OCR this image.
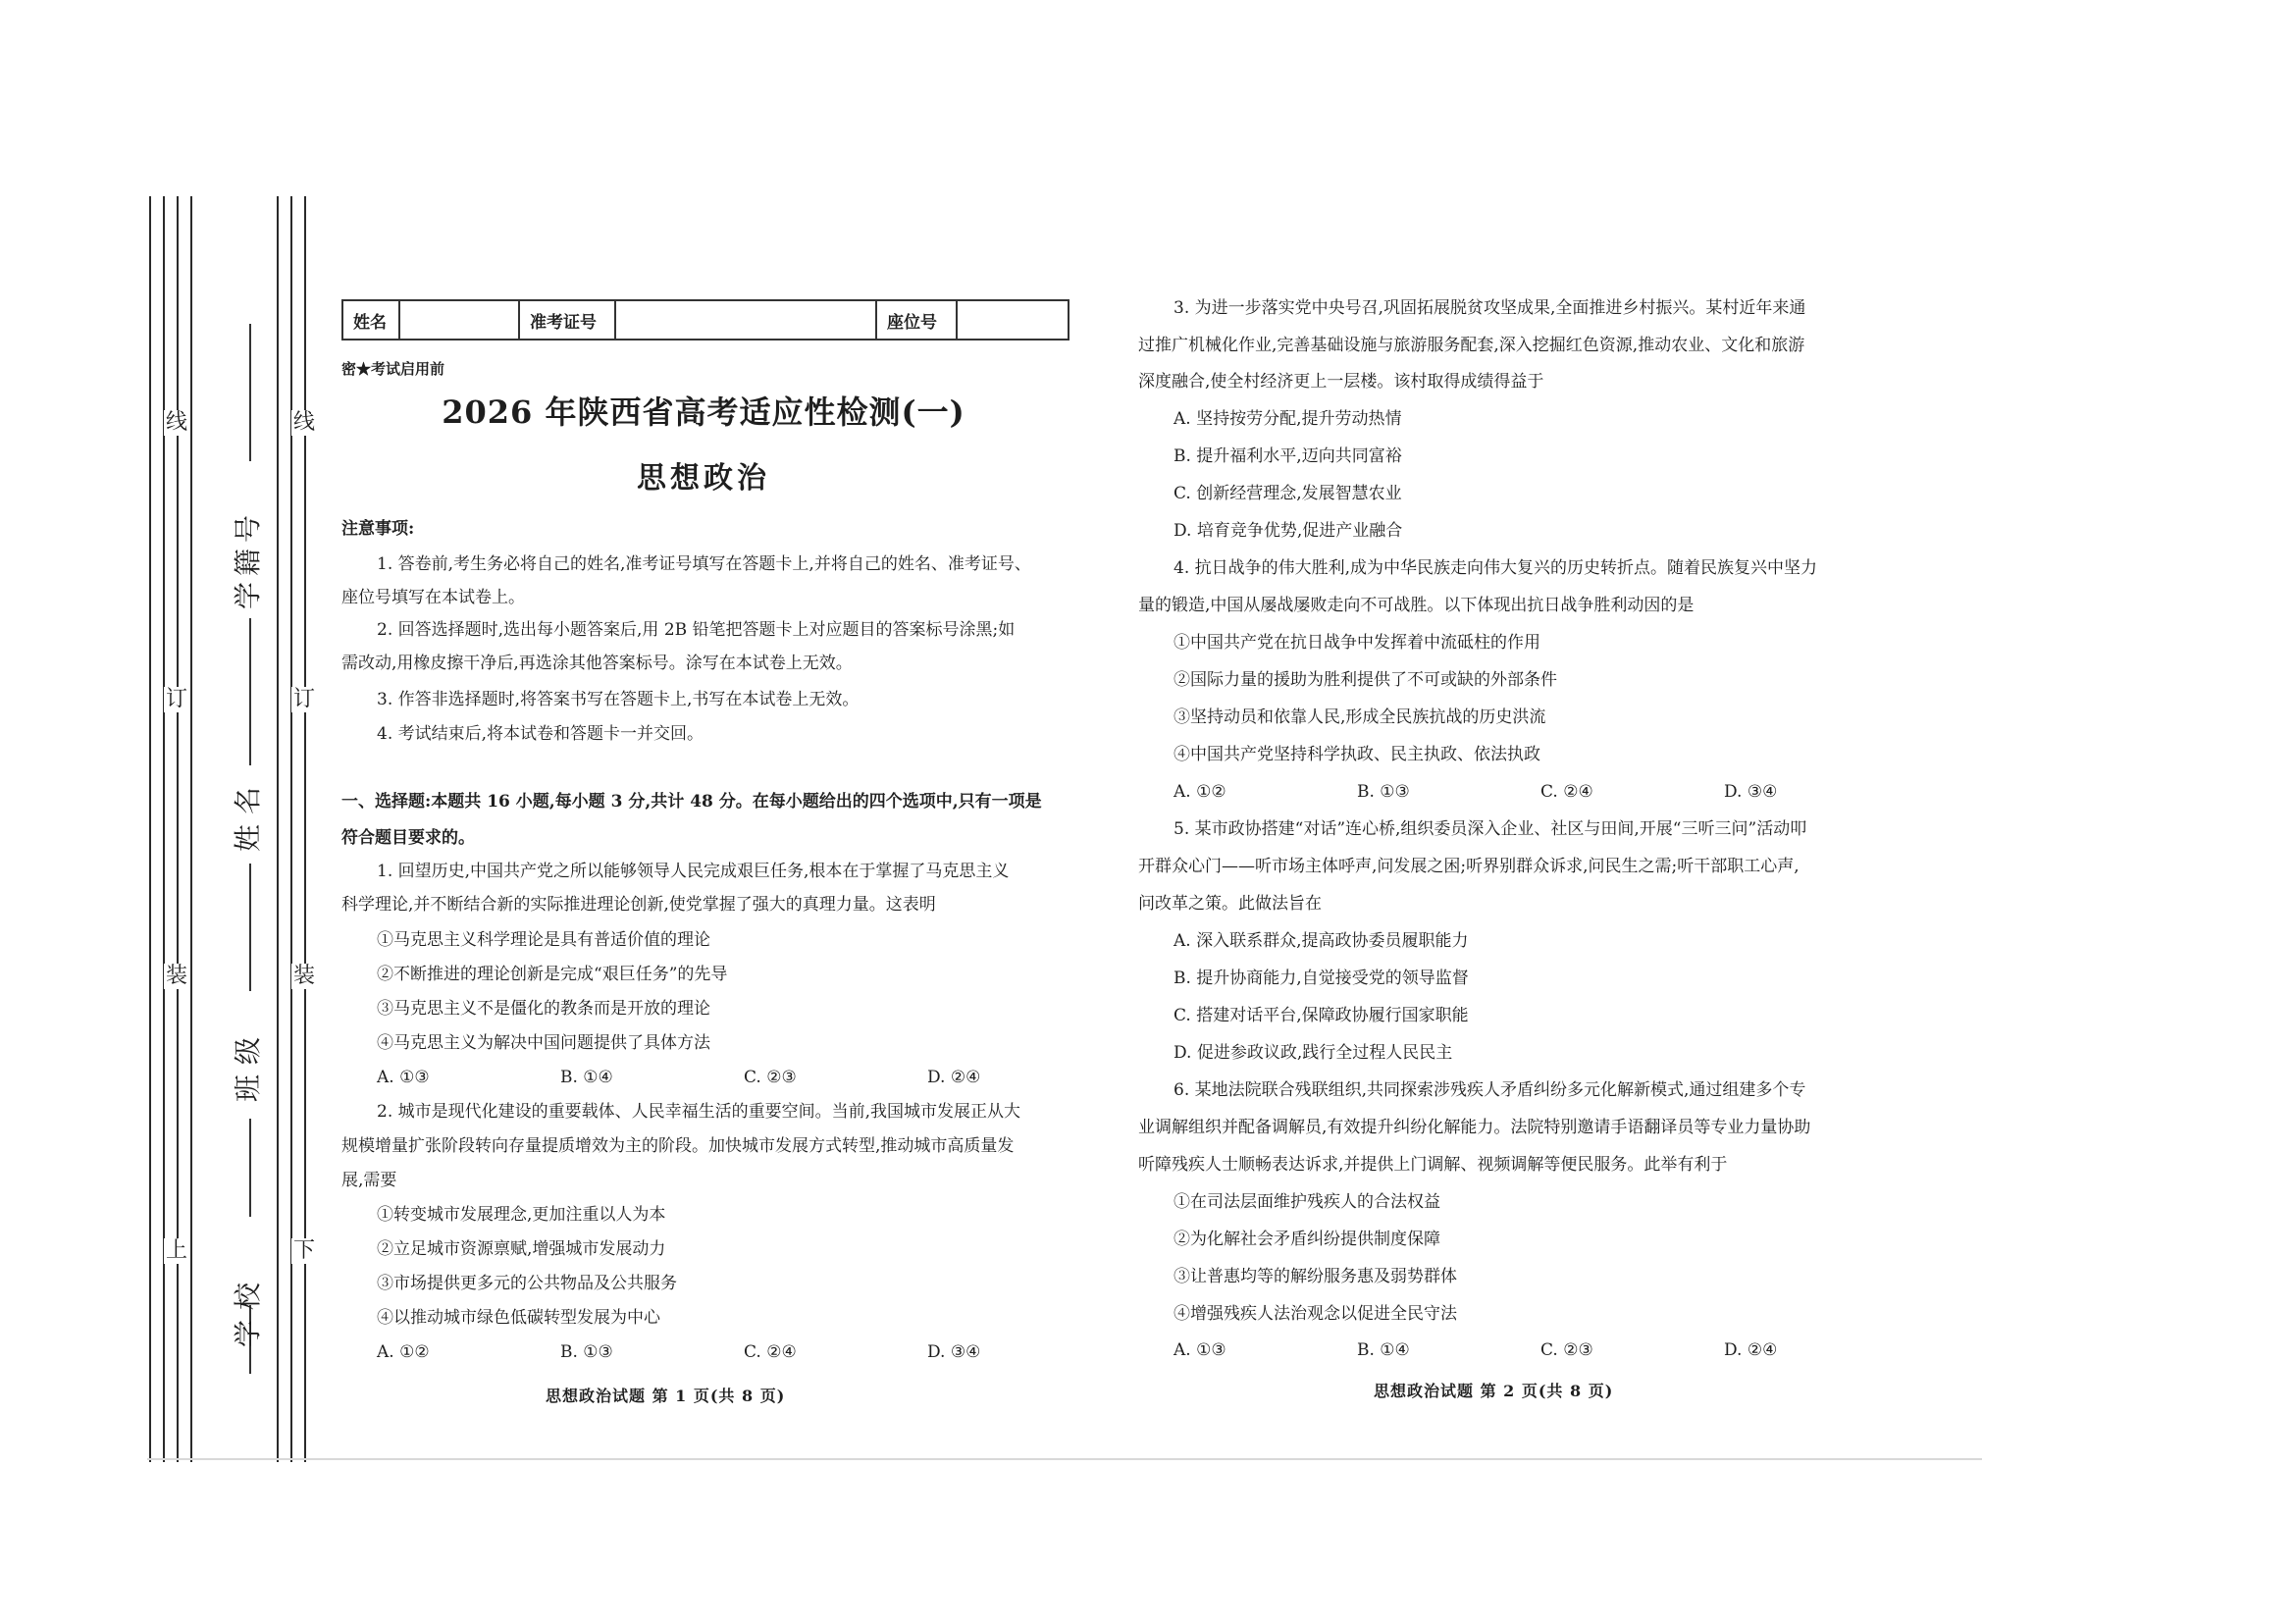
上
装
订
线
下
装
订
线
学籍号
姓名
班级
学校
姓名	准考证号	座位号
密★考试启用前
2026 年陕西省高考适应性检测(一)
思想政治
注意事项:
1. 答卷前,考生务必将自己的姓名,准考证号填写在答题卡上,并将自己的姓名、准考证号、
座位号填写在本试卷上。
2. 回答选择题时,选出每小题答案后,用 2B 铅笔把答题卡上对应题目的答案标号涂黑;如
需改动,用橡皮擦干净后,再选涂其他答案标号。涂写在本试卷上无效。
3. 作答非选择题时,将答案书写在答题卡上,书写在本试卷上无效。
4. 考试结束后,将本试卷和答题卡一并交回。
一、选择题:本题共 16 小题,每小题 3 分,共计 48 分。在每小题给出的四个选项中,只有一项是
符合题目要求的。
1. 回望历史,中国共产党之所以能够领导人民完成艰巨任务,根本在于掌握了马克思主义
科学理论,并不断结合新的实际推进理论创新,使党掌握了强大的真理力量。这表明
①马克思主义科学理论是具有普适价值的理论
②不断推进的理论创新是完成“艰巨任务”的先导
③马克思主义不是僵化的教条而是开放的理论
④马克思主义为解决中国问题提供了具体方法
A. ①③	B. ①④	C. ②③	D. ②④
2. 城市是现代化建设的重要载体、人民幸福生活的重要空间。当前,我国城市发展正从大
规模增量扩张阶段转向存量提质增效为主的阶段。加快城市发展方式转型,推动城市高质量发
展,需要
①转变城市发展理念,更加注重以人为本
②立足城市资源禀赋,增强城市发展动力
③市场提供更多元的公共物品及公共服务
④以推动城市绿色低碳转型发展为中心
A. ①②	B. ①③	C. ②④	D. ③④
思想政治试题 第 1 页(共 8 页)
3. 为进一步落实党中央号召,巩固拓展脱贫攻坚成果,全面推进乡村振兴。某村近年来通
过推广机械化作业,完善基础设施与旅游服务配套,深入挖掘红色资源,推动农业、文化和旅游
深度融合,使全村经济更上一层楼。该村取得成绩得益于
A. 坚持按劳分配,提升劳动热情
B. 提升福利水平,迈向共同富裕
C. 创新经营理念,发展智慧农业
D. 培育竞争优势,促进产业融合
4. 抗日战争的伟大胜利,成为中华民族走向伟大复兴的历史转折点。随着民族复兴中坚力
量的锻造,中国从屡战屡败走向不可战胜。以下体现出抗日战争胜利动因的是
①中国共产党在抗日战争中发挥着中流砥柱的作用
②国际力量的援助为胜利提供了不可或缺的外部条件
③坚持动员和依靠人民,形成全民族抗战的历史洪流
④中国共产党坚持科学执政、民主执政、依法执政
A. ①②	B. ①③	C. ②④	D. ③④
5. 某市政协搭建“对话”连心桥,组织委员深入企业、社区与田间,开展“三听三问”活动叩
开群众心门——听市场主体呼声,问发展之困;听界别群众诉求,问民生之需;听干部职工心声,
问改革之策。此做法旨在
A. 深入联系群众,提高政协委员履职能力
B. 提升协商能力,自觉接受党的领导监督
C. 搭建对话平台,保障政协履行国家职能
D. 促进参政议政,践行全过程人民民主
6. 某地法院联合残联组织,共同探索涉残疾人矛盾纠纷多元化解新模式,通过组建多个专
业调解组织并配备调解员,有效提升纠纷化解能力。法院特别邀请手语翻译员等专业力量协助
听障残疾人士顺畅表达诉求,并提供上门调解、视频调解等便民服务。此举有利于
①在司法层面维护残疾人的合法权益
②为化解社会矛盾纠纷提供制度保障
③让普惠均等的解纷服务惠及弱势群体
④增强残疾人法治观念以促进全民守法
A. ①③	B. ①④	C. ②③	D. ②④
思想政治试题 第 2 页(共 8 页)
